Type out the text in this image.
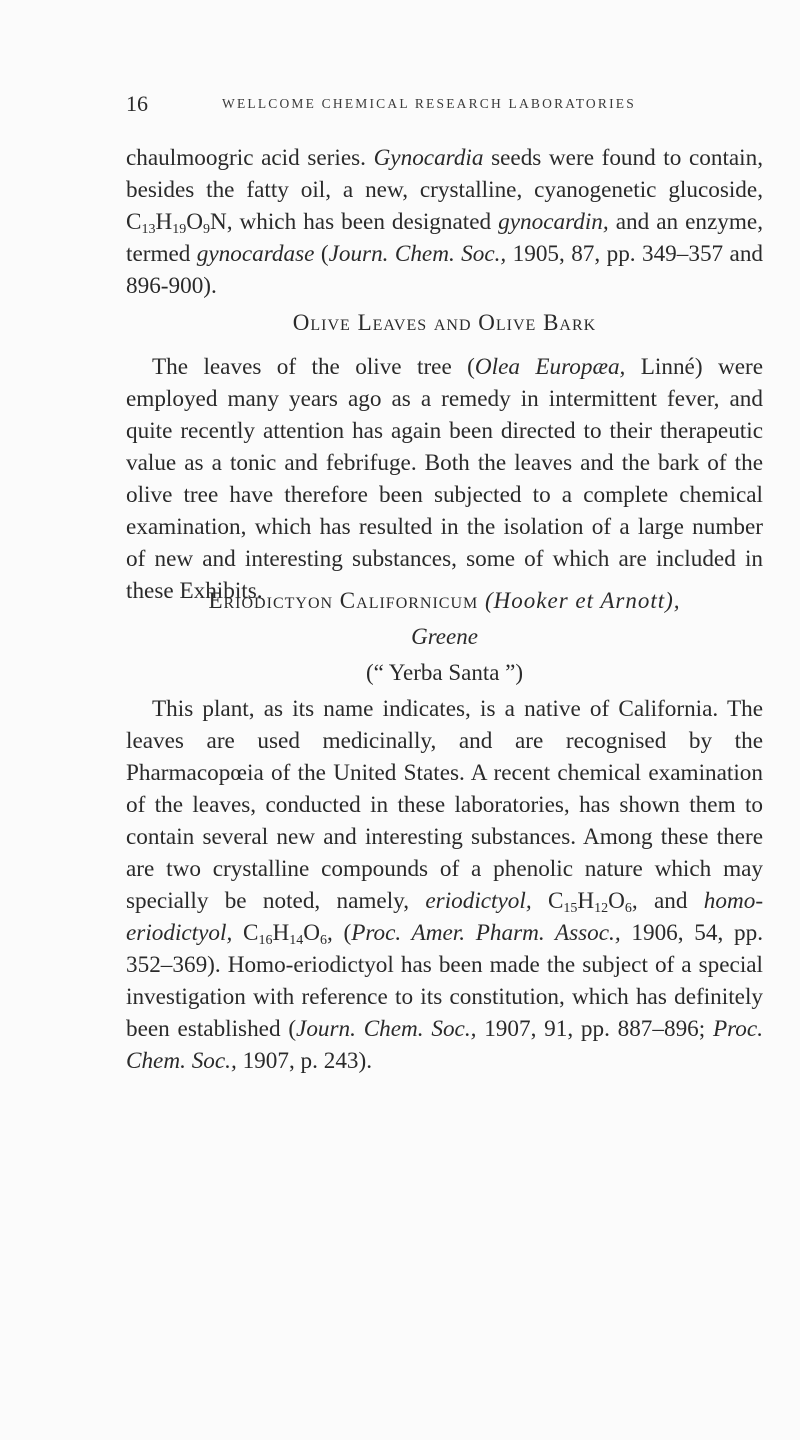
16	WELLCOME CHEMICAL RESEARCH LABORATORIES

chaulmoogric acid series. Gynocardia seeds were found to contain, besides the fatty oil, a new, crystalline, cyanogenetic glucoside, $C_{13}H_{19}O_9N$, which has been designated gynocardin, and an enzyme, termed gynocardase (Journ. Chem. Soc., 1905, 87, pp. 349–357 and 896-900).

Olive Leaves and Olive Bark

The leaves of the olive tree (Olea Europæa, Linné) were employed many years ago as a remedy in intermittent fever, and quite recently attention has again been directed to their therapeutic value as a tonic and febrifuge. Both the leaves and the bark of the olive tree have therefore been subjected to a complete chemical examination, which has resulted in the isolation of a large number of new and interesting substances, some of which are included in these Exhibits.

Eriodictyon Californicum (Hooker et Arnott),

Greene

(“ Yerba Santa ”)

This plant, as its name indicates, is a native of California. The leaves are used medicinally, and are recognised by the Pharmacopœia of the United States. A recent chemical examination of the leaves, conducted in these laboratories, has shown them to contain several new and interesting substances. Among these there are two crystalline compounds of a phenolic nature which may specially be noted, namely, eriodictyol, $C_{15}H_{12}O_6$, and homo-eriodictyol, $C_{16}H_{14}O_6$, (Proc. Amer. Pharm. Assoc., 1906, 54, pp. 352–369). Homo-eriodictyol has been made the subject of a special investigation with reference to its constitution, which has definitely been established (Journ. Chem. Soc., 1907, 91, pp. 887–896; Proc. Chem. Soc., 1907, p. 243).
